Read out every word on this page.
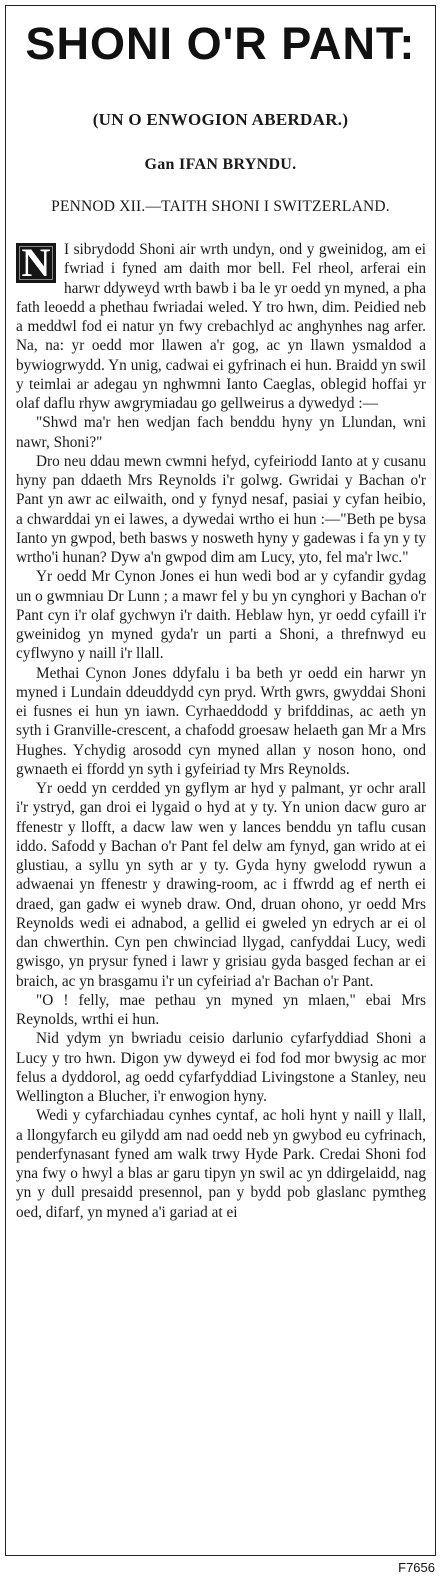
SHONI O'R PANT:
(UN O ENWOGION ABERDAR.)
Gan IFAN BRYNDU.
PENNOD XII.—TAITH SHONI I SWITZERLAND.

N I sibrydodd Shoni air wrth undyn, ond y gweinidog, am ei fwriad i fyned am daith mor bell. Fel rheol, arferai ein harwr ddyweyd wrth bawb i ba le yr oedd yn myned, a pha fath leoedd a phethau fwriadai weled. Y tro hwn, dim. Peidied neb a meddwl fod ei natur yn fwy crebachlyd ac anghynhes nag arfer. Na, na: yr oedd mor llawen a'r gog, ac yn llawn ysmaldod a bywiogrwydd. Yn unig, cadwai ei gyfrinach ei hun. Braidd yn swil y teimlai ar adegau yn nghwmni Ianto Caeglas, oblegid hoffai yr olaf daflu rhyw awgrymiadau go gellweirus a dywedyd :—

"Shwd ma'r hen wedjan fach benddu hyny yn Llundan, wni nawr, Shoni?"

Dro neu ddau mewn cwmni hefyd, cyfeiriodd Ianto at y cusanu hyny pan ddaeth Mrs Reynolds i'r golwg. Gwridai y Bachan o'r Pant yn awr ac eilwaith, ond y fynyd nesaf, pasiai y cyfan heibio, a chwarddai yn ei lawes, a dywedai wrtho ei hun :—"Beth pe bysa Ianto yn gwpod, beth basws y nosweth hyny y gadewas i fa yn y ty wrtho'i hunan? Dyw a'n gwpod dim am Lucy, yto, fel ma'r lwc."

Yr oedd Mr Cynon Jones ei hun wedi bod ar y cyfandir gydag un o gwmniau Dr Lunn ; a mawr fel y bu yn cynghori y Bachan o'r Pant cyn i'r olaf gychwyn i'r daith. Heblaw hyn, yr oedd cyfaill i'r gweinidog yn myned gyda'r un parti a Shoni, a threfnwyd eu cyflwyno y naill i'r llall.

Methai Cynon Jones ddyfalu i ba beth yr oedd ein harwr yn myned i Lundain ddeuddydd cyn pryd. Wrth gwrs, gwyddai Shoni ei fusnes ei hun yn iawn. Cyrhaeddodd y brifddinas, ac aeth yn syth i Granville-crescent, a chafodd groesaw helaeth gan Mr a Mrs Hughes. Ychydig arosodd cyn myned allan y noson hono, ond gwnaeth ei ffordd yn syth i gyfeiriad ty Mrs Reynolds.

Yr oedd yn cerdded yn gyflym ar hyd y palmant, yr ochr arall i'r ystryd, gan droi ei lygaid o hyd at y ty. Yn union dacw guro ar ffenestr y llofft, a dacw law wen y lances benddu yn taflu cusan iddo. Safodd y Bachan o'r Pant fel delw am fynyd, gan wrido at ei glustiau, a syllu yn syth ar y ty. Gyda hyny gwelodd rywun a adwaenai yn ffenestr y drawing-room, ac i ffwrdd ag ef nerth ei draed, gan gadw ei wyneb draw. Ond, druan ohono, yr oedd Mrs Reynolds wedi ei adnabod, a gellid ei gweled yn edrych ar ei ol dan chwerthin. Cyn pen chwinciad llygad, canfyddai Lucy, wedi gwisgo, yn prysur fyned i lawr y grisiau gyda basged fechan ar ei braich, ac yn brasgamu i'r un cyfeiriad a'r Bachan o'r Pant.

"O ! felly, mae pethau yn myned yn mlaen," ebai Mrs Reynolds, wrthi ei hun.

Nid ydym yn bwriadu ceisio darlunio cyfarfyddiad Shoni a Lucy y tro hwn. Digon yw dyweyd ei fod fod mor bwysig ac mor felus a dyddorol, ag oedd cyfarfyddiad Livingstone a Stanley, neu Wellington a Blucher, i'r enwogion hyny.

Wedi y cyfarchiadau cynhes cyntaf, ac holi hynt y naill y llall, a llongyfarch eu gilydd am nad oedd neb yn gwybod eu cyfrinach, penderfynasant fyned am walk trwy Hyde Park. Credai Shoni fod yna fwy o hwyl a blas ar garu tipyn yn swil ac yn ddirgelaidd, nag yn y dull presaidd presennol, pan y bydd pob glaslanc pymtheg oed, difarf, yn myned a'i gariad at ei

F7656
